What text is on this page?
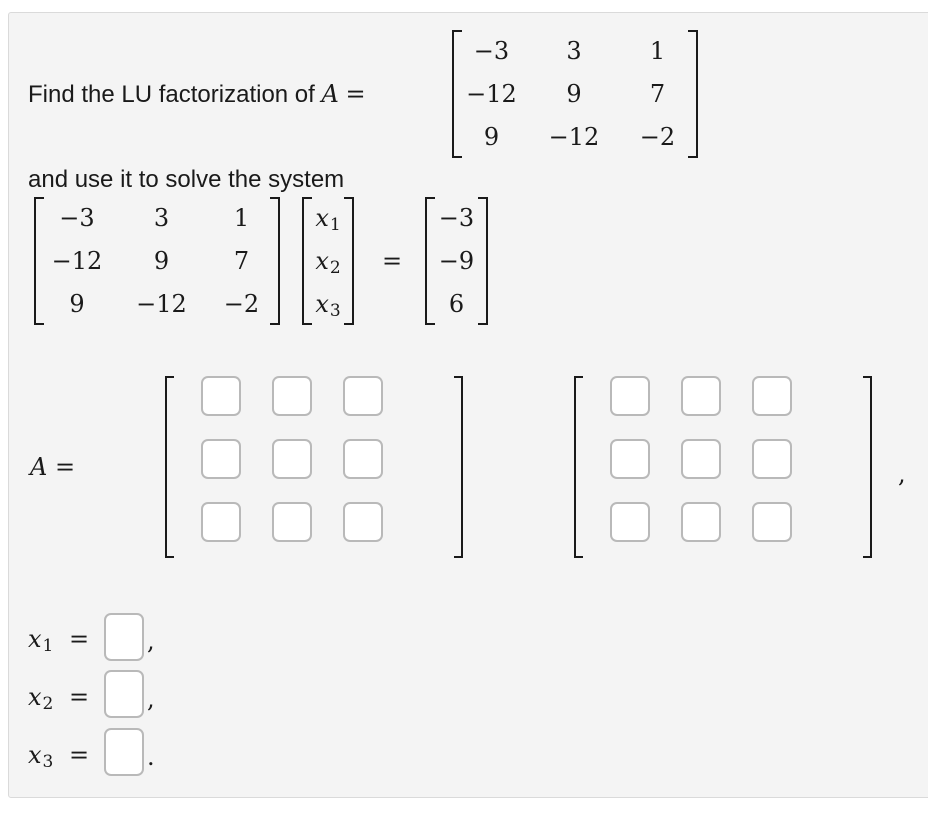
Find the LU factorization of A =
−3	3	1
−12	9	7
9	−12	−2
and use it to solve the system
−3	3	1
−12	9	7
9	−12	−2
x1
x2
x3
=
−3
−9
6
A =	,
x1 = ,
x2 = ,
x3 = .
